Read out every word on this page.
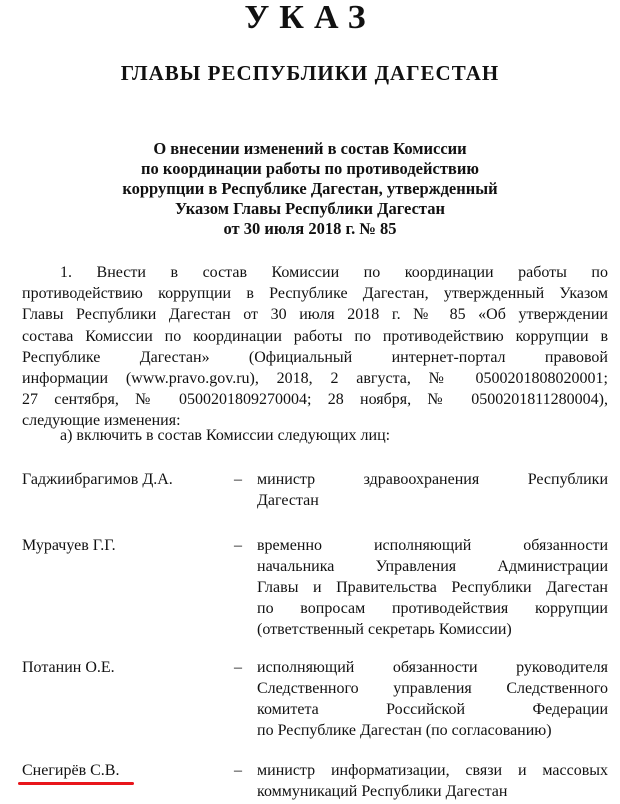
УКАЗ
ГЛАВЫ РЕСПУБЛИКИ ДАГЕСТАН
О внесении изменений в состав Комиссии
по координации работы по противодействию
коррупции в Республике Дагестан, утвержденный
Указом Главы Республики Дагестан
от 30 июля 2018 г. № 85
1. Внести в состав Комиссии по координации работы по
противодействию коррупции в Республике Дагестан, утвержденный Указом
Главы Республики Дагестан от 30 июля 2018 г. № 85 «Об утверждении
состава Комиссии по координации работы по противодействию коррупции в
Республике Дагестан» (Официальный интернет-портал правовой
информации (www.pravo.gov.ru), 2018, 2 августа, № 0500201808020001;
27 сентября, № 0500201809270004; 28 ноября, № 0500201811280004),
следующие изменения:
а) включить в состав Комиссии следующих лиц:
Гаджиибрагимов Д.А.	– министр здравоохранения Республики
Дагестан
Мурачуев Г.Г.	– временно исполняющий обязанности
начальника Управления Администрации
Главы и Правительства Республики Дагестан
по вопросам противодействия коррупции
(ответственный секретарь Комиссии)
Потанин О.Е.	– исполняющий обязанности руководителя
Следственного управления Следственного
комитета Российской Федерации
по Республике Дагестан (по согласованию)
Снегирёв С.В.	– министр информатизации, связи и массовых
коммуникаций Республики Дагестан
